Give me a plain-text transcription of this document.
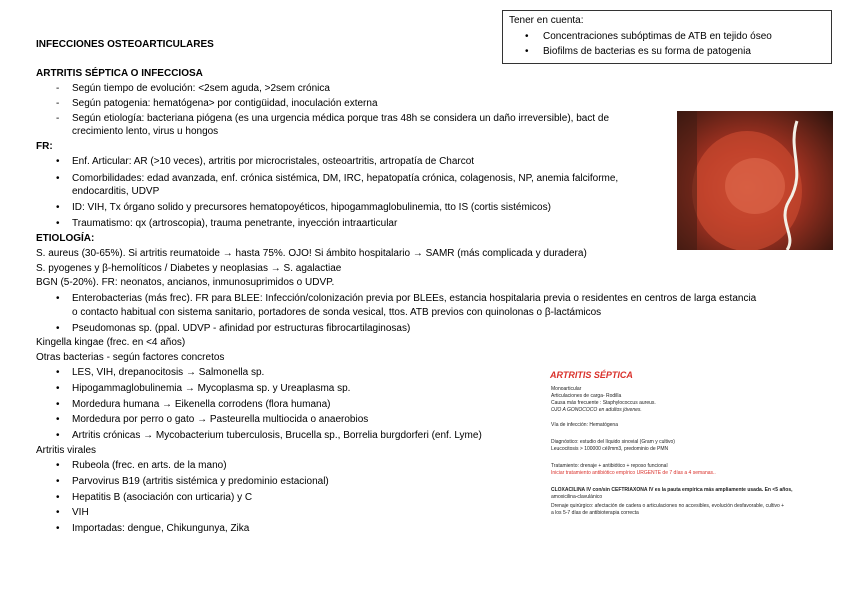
Tener en cuenta:
• Concentraciones subóptimas de ATB en tejido óseo
• Biofilms de bacterias es su forma de patogenia
INFECCIONES OSTEOARTICULARES
ARTRITIS SÉPTICA O INFECCIOSA
- Según tiempo de evolución: <2sem aguda, >2sem crónica
- Según patogenia: hematógena> por contigüidad, inoculación externa
- Según etiología: bacteriana piógena (es una urgencia médica porque tras 48h se considera un daño irreversible), bact de
crecimiento lento, virus u hongos
FR:
• Enf. Articular: AR (>10 veces), artritis por microcristales, osteoartritis, artropatía de Charcot
• Comorbilidades: edad avanzada, enf. crónica sistémica, DM, IRC, hepatopatía crónica, colagenosis, NP, anemia falciforme,
endocarditis, UDVP
• ID: VIH, Tx órgano solido y precursores hematopoyéticos, hipogammaglobulinemia, tto IS (cortis sistémicos)
• Traumatismo: qx (artroscopia), trauma penetrante, inyección intraarticular
ETIOLOGÍA:
S. aureus (30-65%). Si artritis reumatoide → hasta 75%. OJO! Si ámbito hospitalario → SAMR (más complicada y duradera)
S. pyogenes y β-hemolíticos / Diabetes y neoplasias → S. agalactiae
BGN (5-20%). FR: neonatos, ancianos, inmunosuprimidos o UDVP.
• Enterobacterias (más frec). FR para BLEE: Infección/colonización previa por BLEEs, estancia hospitalaria previa o residentes en centros de larga estancia
o contacto habitual con sistema sanitario, portadores de sonda vesical, ttos. ATB previos con quinolonas o β-lactámicos
• Pseudomonas sp. (ppal. UDVP - afinidad por estructuras fibrocartilaginosas)
Kingella kingae (frec. en <4 años)
Otras bacterias - según factores concretos
• LES, VIH, drepanocitosis → Salmonella sp.
• Hipogammaglobulinemia → Mycoplasma sp. y Ureaplasma sp.
• Mordedura humana → Eikenella corrodens (flora humana)
• Mordedura por perro o gato → Pasteurella multiocida o anaerobios
• Artritis crónicas → Mycobacterium tuberculosis, Brucella sp., Borrelia burgdorferi (enf. Lyme)
Artritis virales
• Rubeola (frec. en arts. de la mano)
• Parvovirus B19 (artritis sistémica y predominio estacional)
• Hepatitis B (asociación con urticaria) y C
• VIH
• Importadas: dengue, Chikungunya, Zika
ARTRITIS SÉPTICA
Monoarticular
Articulaciones de carga- Rodilla
Causa más frecuente : Staphylococcus aureus.
OJO A GONOCOCO en adultos jóvenes.
Vía de infección: Hematógena
Diagnóstico: estudio del líquido sinovial (Gram y cultivo)
Leucocitosis > 100000 cél/mm3, predominio de PMN
Tratamiento: drenaje + antibiótico + reposo funcional
Iniciar tratamiento antibiótico empírico URGENTE de 7 días a 4 semanas..
CLOXACILINA IV con/sin CEFTRIAXONA IV es la pauta empírica más ampliamente usada. En <5 años,
amoxicilina-clavulánico
Drenaje quirúrgico: afectación de cadera o articulaciones no accesibles, evolución desfavorable, cultivo +
a los 5-7 días de antibioterapia correcta
